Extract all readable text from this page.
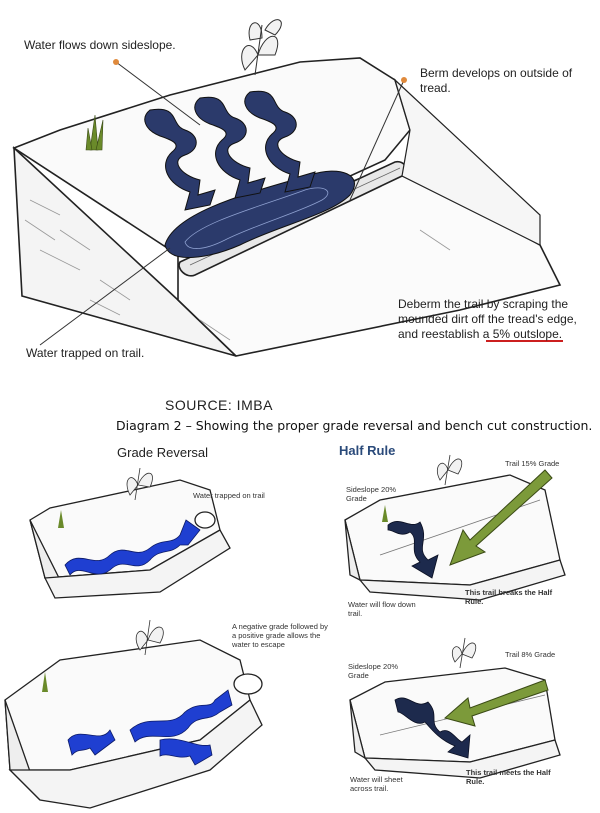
Water flows down sideslope.
Berm develops on outside of tread.
Deberm the trail by scraping the
mounded dirt off the tread's edge,
and reestablish a 5% outslope.
Water trapped on trail.
SOURCE: IMBA
Diagram 2 – Showing the proper grade reversal and bench cut construction.
Grade Reversal	Half Rule
Water trapped on trail
A negative grade followed by a positive grade allows the water to escape
Trail 15% Grade
Sideslope 20% Grade
Water will flow down trail.
This trail breaks the Half Rule.
Trail 8% Grade
Sideslope 20% Grade
Water will sheet across trail.
This trail meets the Half Rule.
